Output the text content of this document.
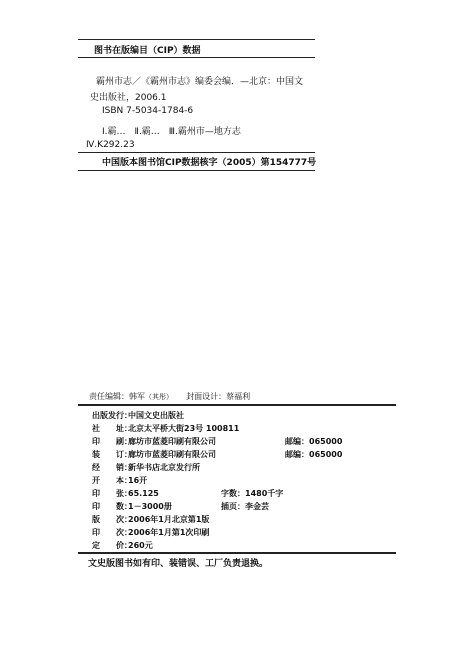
图书在版编目（CIP）数据
霸州市志／《霸州市志》编委会编．—北京：中国文
史出版社，2006.1
ISBN 7-5034-1784-6
Ⅰ.霸…　Ⅱ.霸…　Ⅲ.霸州市—地方志
Ⅳ.K292.23
中国版本图书馆CIP数据核字（2005）第154777号
责任编辑：韩军（其彤） 封面设计：蔡福利
出版发行：中国文史出版社
社　　址：北京太平桥大街23号 100811
印　　刷：廊坊市蓝菱印刷有限公司	邮编：065000
装　　订：廊坊市蓝菱印刷有限公司	邮编：065000
经　　销：新华书店北京发行所
开　　本：16开
印　　张：65.125	字数：1480千字
印　　数：1－3000册	插页：李金芸
版　　次：2006年1月北京第1版
印　　次：2006年1月第1次印刷
定　　价：260元
文史版图书如有印、装错误、工厂负责退换。
